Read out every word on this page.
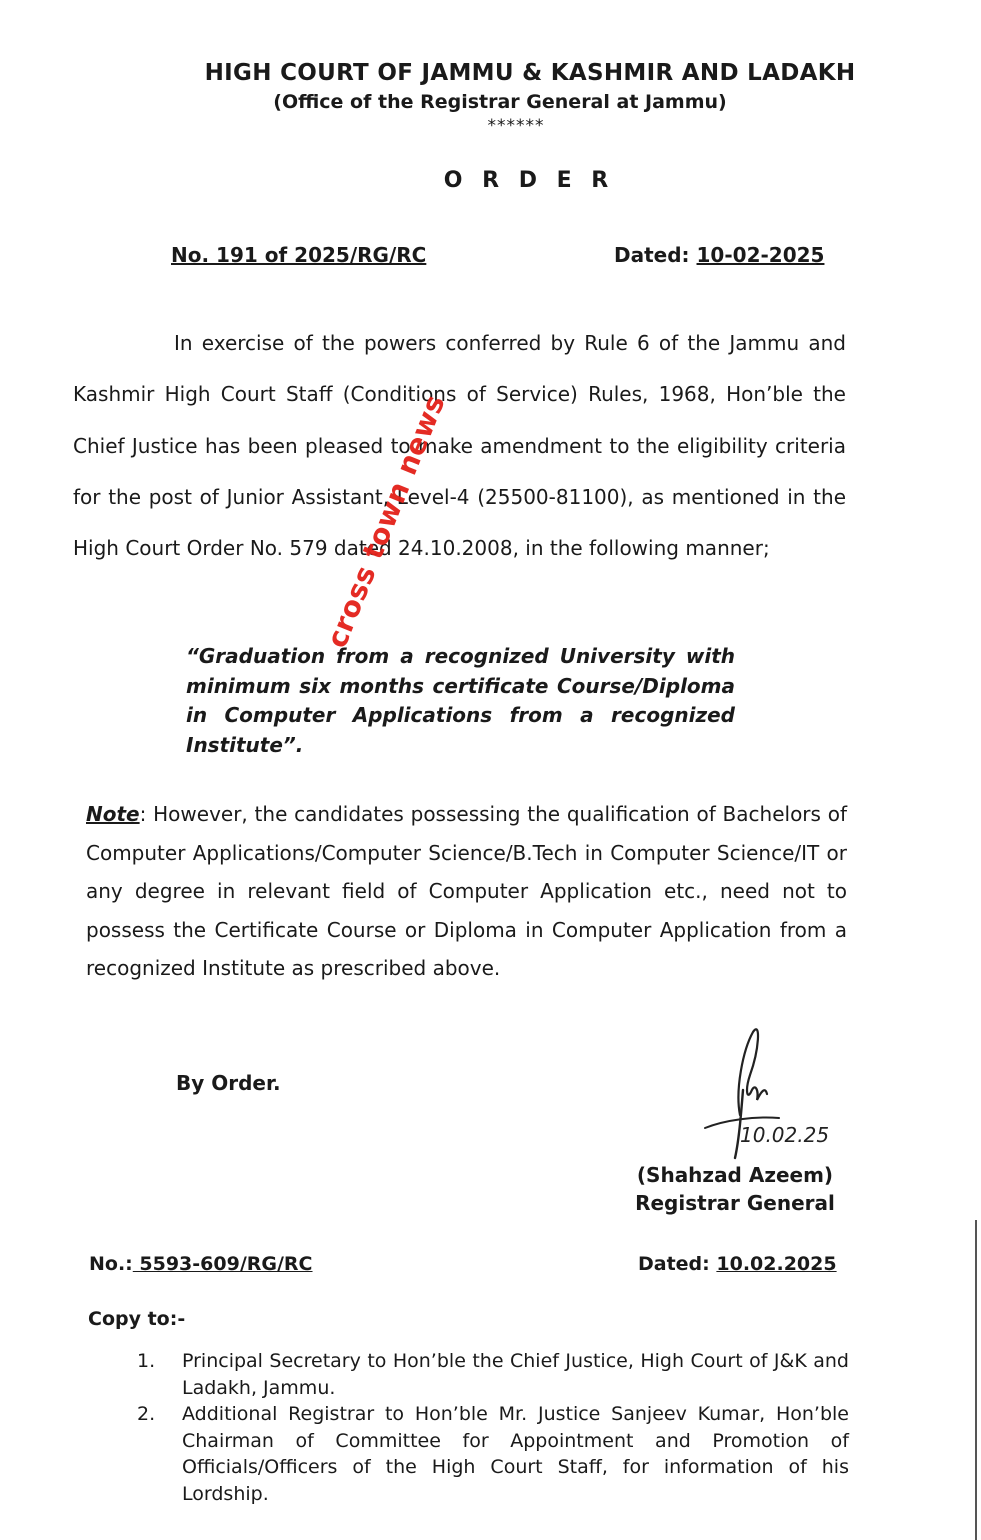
HIGH COURT OF JAMMU & KASHMIR AND LADAKH
(Office of the Registrar General at Jammu)
******
O R D E R
No. 191 of 2025/RG/RC	Dated: 10-02-2025

In exercise of the powers conferred by Rule 6 of the Jammu and Kashmir High Court Staff (Conditions of Service) Rules, 1968, Hon’ble the Chief Justice has been pleased to make amendment to the eligibility criteria for the post of Junior Assistant, Level-4 (25500-81100), as mentioned in the High Court Order No. 579 dated 24.10.2008, in the following manner;

“Graduation from a recognized University with minimum six months certificate Course/Diploma in Computer Applications from a recognized Institute”.

Note: However, the candidates possessing the qualification of Bachelors of Computer Applications/Computer Science/B.Tech in Computer Science/IT or any degree in relevant field of Computer Application etc., need not to possess the Certificate Course or Diploma in Computer Application from a recognized Institute as prescribed above.

By Order.
10.02.25
(Shahzad Azeem)
Registrar General
No.: 5593-609/RG/RC	Dated: 10.02.2025
Copy to:-
1. Principal Secretary to Hon’ble the Chief Justice, High Court of J&K and Ladakh, Jammu.
2. Additional Registrar to Hon’ble Mr. Justice Sanjeev Kumar, Hon’ble Chairman of Committee for Appointment and Promotion of Officials/Officers of the High Court Staff, for information of his Lordship.
cross town news
